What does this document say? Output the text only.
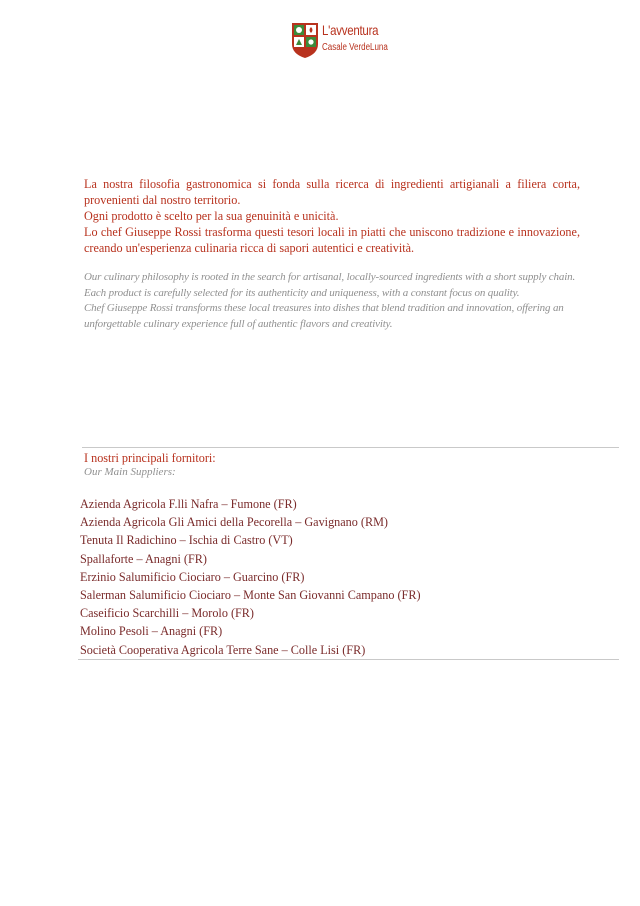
L'avventura
Casale VerdeLuna

La nostra filosofia gastronomica si fonda sulla ricerca di ingredienti artigianali a filiera corta, provenienti dal nostro territorio.

Ogni prodotto è scelto per la sua genuinità e unicità.

Lo chef Giuseppe Rossi trasforma questi tesori locali in piatti che uniscono tradizione e innovazione, creando un'esperienza culinaria ricca di sapori autentici e creatività.

Our culinary philosophy is rooted in the search for artisanal, locally-sourced ingredients with a short supply chain.

Each product is carefully selected for its authenticity and uniqueness, with a constant focus on quality.

Chef Giuseppe Rossi transforms these local treasures into dishes that blend tradition and innovation, offering an unforgettable culinary experience full of authentic flavors and creativity.

I nostri principali fornitori:
Our Main Suppliers:
Azienda Agricola F.lli Nafra – Fumone (FR)
Azienda Agricola Gli Amici della Pecorella – Gavignano (RM)
Tenuta Il Radichino – Ischia di Castro (VT)
Spallaforte – Anagni (FR)
Erzinio Salumificio Ciociaro – Guarcino (FR)
Salerman Salumificio Ciociaro – Monte San Giovanni Campano (FR)
Caseificio Scarchilli – Morolo (FR)
Molino Pesoli – Anagni (FR)
Società Cooperativa Agricola Terre Sane – Colle Lisi (FR)
